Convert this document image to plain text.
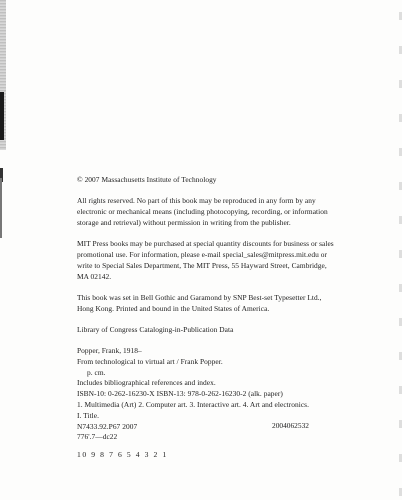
© 2007 Massachusetts Institute of Technology
All rights reserved. No part of this book may be reproduced in any form by any
electronic or mechanical means (including photocopying, recording, or information
storage and retrieval) without permission in writing from the publisher.
MIT Press books may be purchased at special quantity discounts for business or sales
promotional use. For information, please e-mail special_sales@mitpress.mit.edu or
write to Special Sales Department, The MIT Press, 55 Hayward Street, Cambridge,
MA 02142.
This book was set in Bell Gothic and Garamond by SNP Best-set Typesetter Ltd.,
Hong Kong. Printed and bound in the United States of America.
Library of Congress Cataloging-in-Publication Data
Popper, Frank, 1918–
From technological to virtual art / Frank Popper.
p. cm.
Includes bibliographical references and index.
ISBN-10: 0-262-16230-X ISBN-13: 978-0-262-16230-2 (alk. paper)
1. Multimedia (Art) 2. Computer art. 3. Interactive art. 4. Art and electronics.
I. Title.
N7433.92.P67 2007
776'.7—dc22
2004062532
10 9 8 7 6 5 4 3 2 1
